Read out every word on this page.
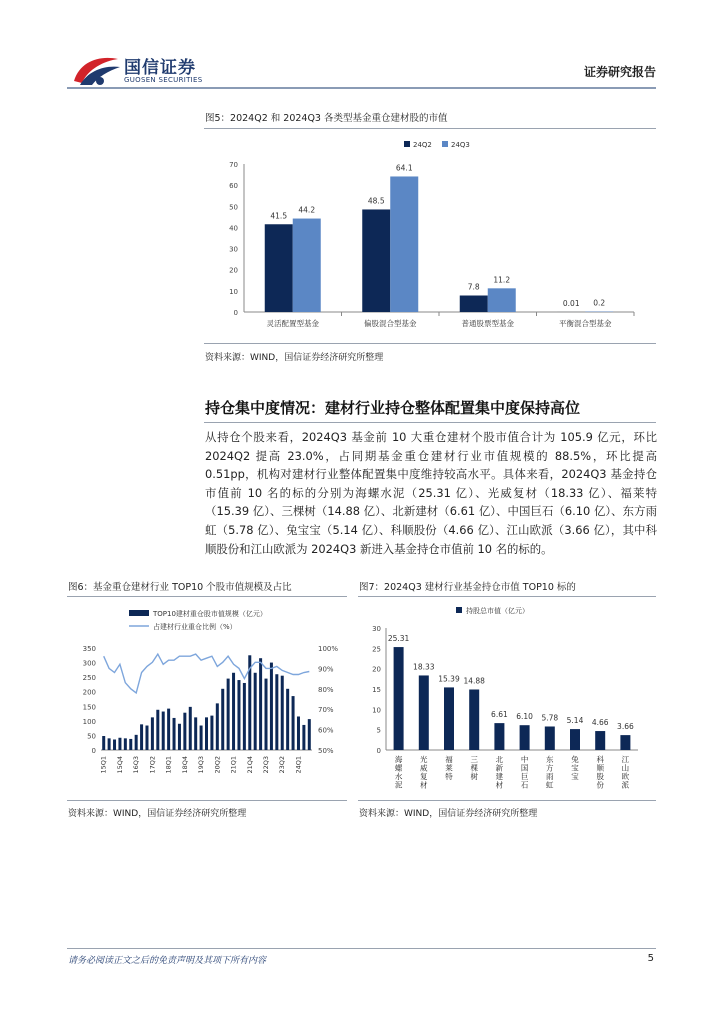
国信证券
GUOSEN SECURITIES
证券研究报告
图5：2024Q2 和 2024Q3 各类型基金重仓建材股的市值
0
10
20
30
40
50
60
70
41.5
44.2
灵活配置型基金
48.5
64.1
偏股混合型基金
7.8
11.2
普通股票型基金
0.01 0.2
平衡混合型基金
24Q2	24Q3
资料来源：WIND，国信证券经济研究所整理
持仓集中度情况：建材行业持仓整体配置集中度保持高位
从持仓个股来看，2024Q3 基金前 10 大重仓建材个股市值合计为 105.9 亿元，环比 2024Q2 提高 23.0%，占同期基金重仓建材行业市值规模的 88.5%，环比提高 0.51pp，机构对建材行业整体配置集中度维持较高水平。具体来看，2024Q3 基金持仓市值前 10 名的标的分别为海螺水泥（25.31 亿）、光威复材（18.33 亿）、福莱特（15.39 亿）、三棵树（14.88 亿）、北新建材（6.61 亿）、中国巨石（6.10 亿）、东方雨虹（5.78 亿）、兔宝宝（5.14 亿）、科顺股份（4.66 亿）、江山欧派（3.66 亿），其中科顺股份和江山欧派为 2024Q3 新进入基金持仓市值前 10 名的标的。
图6：基金重仓建材行业 TOP10 个股市值规模及占比
0
50
100
150
200
250
300
350
50%
60%
70%
80%
90%
100%
15Q1 15Q4 16Q3 17Q2 18Q1 18Q4 19Q3 20Q2 21Q1 21Q4 22Q3 23Q2 24Q1
TOP10建材重仓股市值规模（亿元）
占建材行业重仓比例（%）
资料来源：WIND，国信证券经济研究所整理
图7：2024Q3 建材行业基金持仓市值 TOP10 标的
0
5
10
15
20
25
30
25.31
海螺水泥
18.33
光威复材
15.39
福莱特
14.88
三棵树
6.61
北新建材
6.10
中国巨石
5.78
东方雨虹
5.14
兔宝宝
4.66
科顺股份
3.66
江山欧派
持股总市值（亿元）
资料来源：WIND，国信证券经济研究所整理
请务必阅读正文之后的免责声明及其项下所有内容	5
